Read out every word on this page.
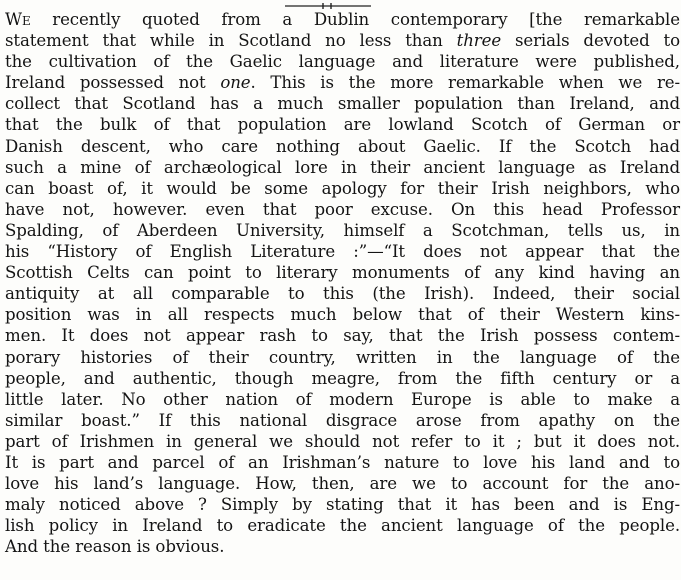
We recently quoted from a Dublin contemporary [the remarkable
statement that while in Scotland no less than three serials devoted to
the cultivation of the Gaelic language and literature were published,
Ireland possessed not one. This is the more remarkable when we re-
collect that Scotland has a much smaller population than Ireland, and
that the bulk of that population are lowland Scotch of German or
Danish descent, who care nothing about Gaelic. If the Scotch had
such a mine of archæological lore in their ancient language as Ireland
can boast of, it would be some apology for their Irish neighbors, who
have not, however. even that poor excuse. On this head Professor
Spalding, of Aberdeen University, himself a Scotchman, tells us, in
his “History of English Literature :”—“It does not appear that the
Scottish Celts can point to literary monuments of any kind having an
antiquity at all comparable to this (the Irish). Indeed, their social
position was in all respects much below that of their Western kins-
men. It does not appear rash to say, that the Irish possess contem-
porary histories of their country, written in the language of the
people, and authentic, though meagre, from the fifth century or a
little later. No other nation of modern Europe is able to make a
similar boast.” If this national disgrace arose from apathy on the
part of Irishmen in general we should not refer to it ; but it does not.
It is part and parcel of an Irishman’s nature to love his land and to
love his land’s language. How, then, are we to account for the ano-
maly noticed above ? Simply by stating that it has been and is Eng-
lish policy in Ireland to eradicate the ancient language of the people.
And the reason is obvious.
